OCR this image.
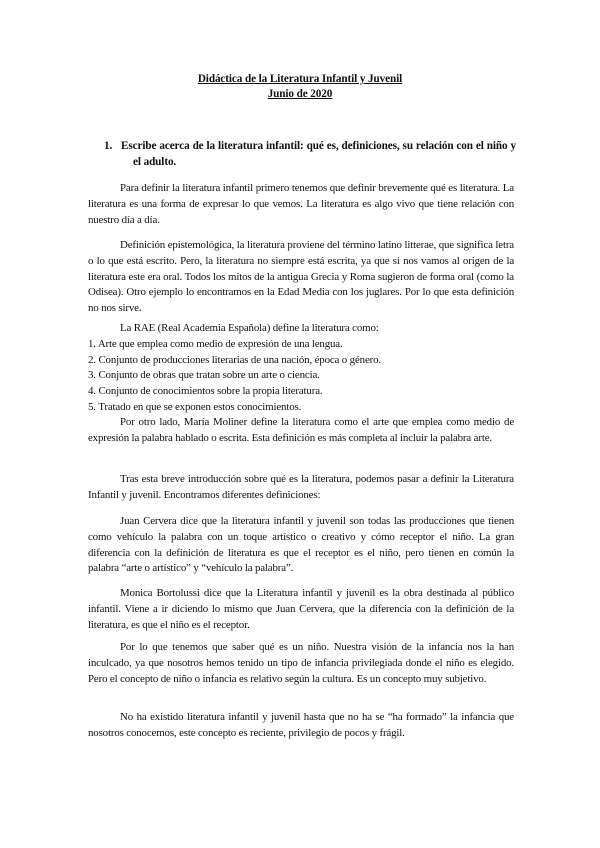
Didáctica de la Literatura Infantil y Juvenil
Junio de 2020
1. Escribe acerca de la literatura infantil: qué es, definiciones, su relación con el niño y el adulto.
Para definir la literatura infantil primero tenemos que definir brevemente qué es literatura. La literatura es una forma de expresar lo que vemos. La literatura es algo vivo que tiene relación con nuestro día a día.
Definición epistemológica, la literatura proviene del término latino litterae, que significa letra o lo que está escrito. Pero, la literatura no siempre está escrita, ya que si nos vamos al origen de la literatura este era oral. Todos los mitos de la antigua Grecia y Roma sugieron de forma oral (como la Odisea). Otro ejemplo lo encontramos en la Edad Media con los juglares. Por lo que esta definición no nos sirve.
La RAE (Real Academia Española) define la literatura como:
1. Arte que emplea como medio de expresión de una lengua.
2. Conjunto de producciones literarias de una nación, época o género.
3. Conjunto de obras que tratan sobre un arte o ciencia.
4. Conjunto de conocimientos sobre la propia literatura.
5. Tratado en que se exponen estos conocimientos.
Por otro lado, María Moliner define la literatura como el arte que emplea como medio de expresión la palabra hablado o escrita. Esta definición es más completa al incluir la palabra arte.
Tras esta breve introducción sobre qué es la literatura, podemos pasar a definir la Literatura Infantil y juvenil. Encontramos diferentes definiciones:
Juan Cervera dice que la literatura infantil y juvenil son todas las producciones que tienen como vehículo la palabra con un toque artístico o creativo y cómo receptor el niño. La gran diferencia con la definición de literatura es que el receptor es el niño, pero tienen en común la palabra “arte o artístico” y “vehículo la palabra”.
Monica Bortolussi dice que la Literatura infantil y juvenil es la obra destinada al público infantil. Viene a ir diciendo lo mismo que Juan Cervera, que la diferencia con la definición de la literatura, es que el niño es el receptor.
Por lo que tenemos que saber qué es un niño. Nuestra visión de la infancia nos la han inculcado, ya que nosotros hemos tenido un tipo de infancia privilegiada donde el niño es elegido. Pero el concepto de niño o infancia es relativo según la cultura. Es un concepto muy subjetivo.
No ha existido literatura infantil y juvenil hasta que no ha se “ha formado” la infancia que nosotros conocemos, este concepto es reciente, privilegio de pocos y frágil.
